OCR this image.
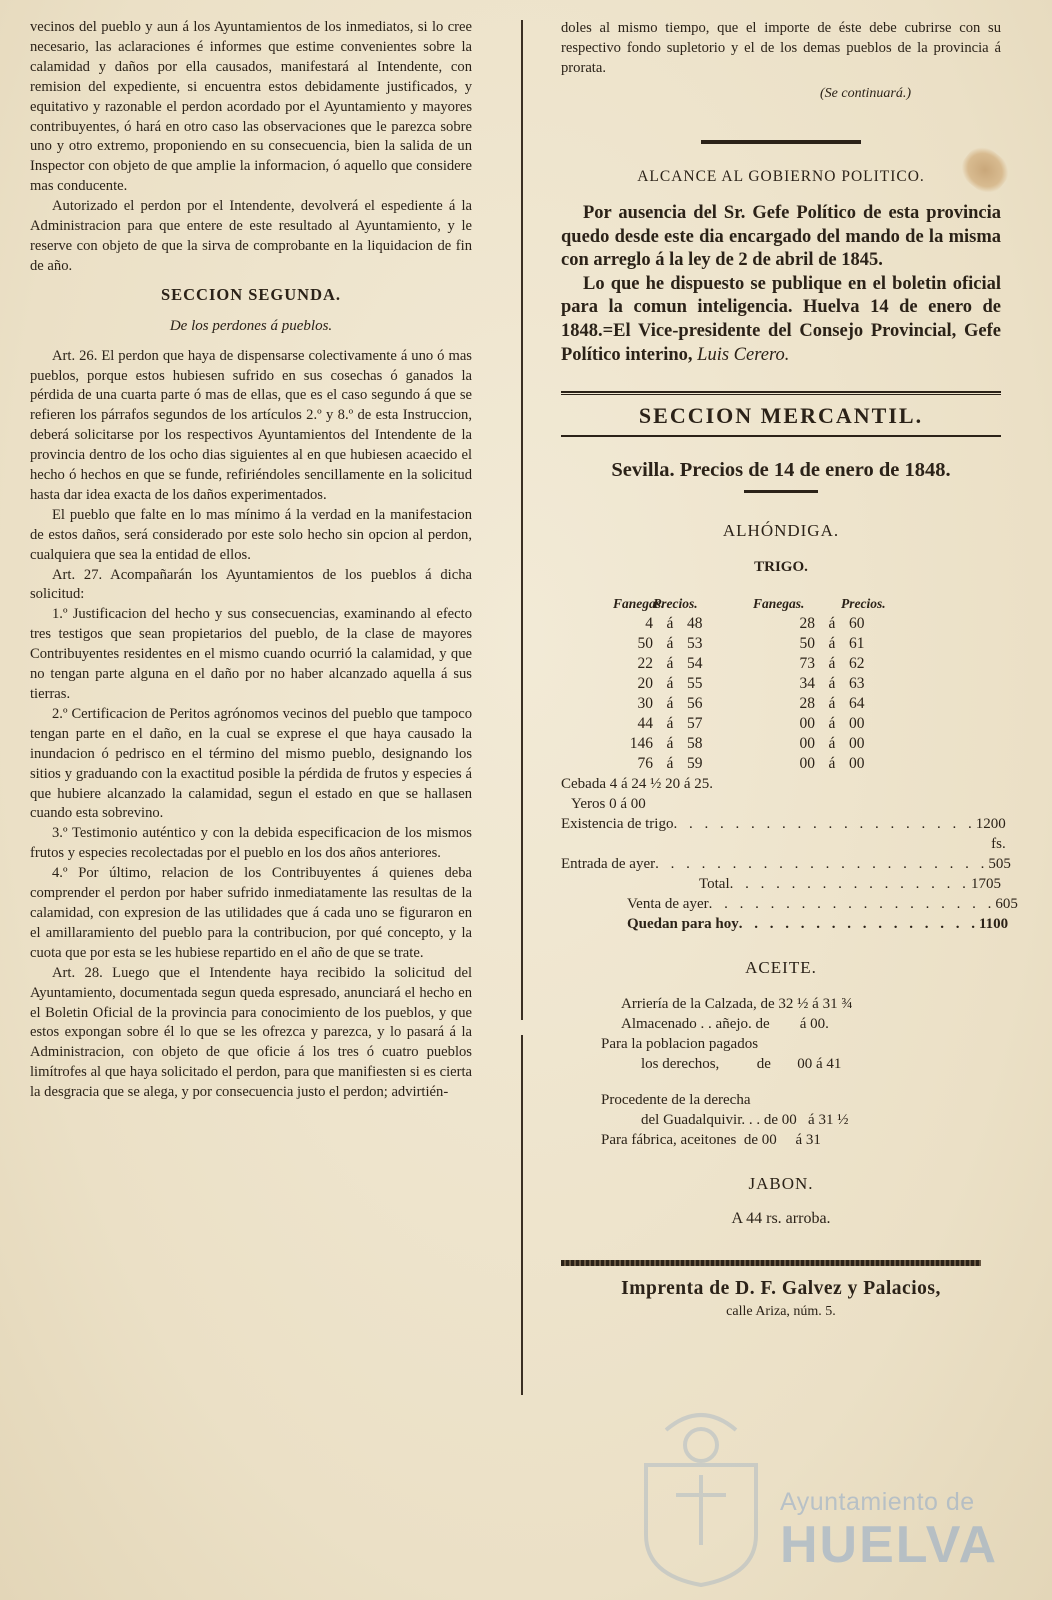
vecinos del pueblo y aun á los Ayuntamientos de los inmediatos, si lo cree necesario, las aclaraciones é informes que estime convenientes sobre la calamidad y daños por ella causados, manifestará al Intendente, con remision del expediente, si encuentra estos debidamente justificados, y equitativo y razonable el perdon acordado por el Ayuntamiento y mayores contribuyentes, ó hará en otro caso las observaciones que le parezca sobre uno y otro extremo, proponiendo en su consecuencia, bien la salida de un Inspector con objeto de que amplie la informacion, ó aquello que considere mas conducente.

Autorizado el perdon por el Intendente, devolverá el espediente á la Administracion para que entere de este resultado al Ayuntamiento, y le reserve con objeto de que la sirva de comprobante en la liquidacion de fin de año.

SECCION SEGUNDA.

De los perdones á pueblos.

Art. 26. El perdon que haya de dispensarse colectivamente á uno ó mas pueblos, porque estos hubiesen sufrido en sus cosechas ó ganados la pérdida de una cuarta parte ó mas de ellas, que es el caso segundo á que se refieren los párrafos segundos de los artículos 2.º y 8.º de esta Instruccion, deberá solicitarse por los respectivos Ayuntamientos del Intendente de la provincia dentro de los ocho dias siguientes al en que hubiesen acaecido el hecho ó hechos en que se funde, refiriéndoles sencillamente en la solicitud hasta dar idea exacta de los daños experimentados.

El pueblo que falte en lo mas mínimo á la verdad en la manifestacion de estos daños, será considerado por este solo hecho sin opcion al perdon, cualquiera que sea la entidad de ellos.

Art. 27. Acompañarán los Ayuntamientos de los pueblos á dicha solicitud:

1.º Justificacion del hecho y sus consecuencias, examinando al efecto tres testigos que sean propietarios del pueblo, de la clase de mayores Contribuyentes residentes en el mismo cuando ocurrió la calamidad, y que no tengan parte alguna en el daño por no haber alcanzado aquella á sus tierras.

2.º Certificacion de Peritos agrónomos vecinos del pueblo que tampoco tengan parte en el daño, en la cual se exprese el que haya causado la inundacion ó pedrisco en el término del mismo pueblo, designando los sitios y graduando con la exactitud posible la pérdida de frutos y especies á que hubiere alcanzado la calamidad, segun el estado en que se hallasen cuando esta sobrevino.

3.º Testimonio auténtico y con la debida especificacion de los mismos frutos y especies recolectadas por el pueblo en los dos años anteriores.

4.º Por último, relacion de los Contribuyentes á quienes deba comprender el perdon por haber sufrido inmediatamente las resultas de la calamidad, con expresion de las utilidades que á cada uno se figuraron en el amillaramiento del pueblo para la contribucion, por qué concepto, y la cuota que por esta se les hubiese repartido en el año de que se trate.

Art. 28. Luego que el Intendente haya recibido la solicitud del Ayuntamiento, documentada segun queda espresado, anunciará el hecho en el Boletin Oficial de la provincia para conocimiento de los pueblos, y que estos expongan sobre él lo que se les ofrezca y parezca, y lo pasará á la Administracion, con objeto de que oficie á los tres ó cuatro pueblos limítrofes al que haya solicitado el perdon, para que manifiesten si es cierta la desgracia que se alega, y por consecuencia justo el perdon; advirtién-

doles al mismo tiempo, que el importe de éste debe cubrirse con su respectivo fondo supletorio y el de los demas pueblos de la provincia á prorata.

(Se continuará.)

ALCANCE AL GOBIERNO POLITICO.

Por ausencia del Sr. Gefe Político de esta provincia quedo desde este dia encargado del mando de la misma con arreglo á la ley de 2 de abril de 1845.
Lo que he dispuesto se publique en el boletin oficial para la comun inteligencia. Huelva 14 de enero de 1848.=El Vice-presidente del Consejo Provincial, Gefe Político interino, Luis Cerero.

SECCION MERCANTIL.

Sevilla. Precios de 14 de enero de 1848.

ALHÓNDIGA.

TRIGO.

Fanegas.
Precios.	Fanegas.	Precios.
4 á 48	28 á 60
50 á 53	50 á 61
22 á 54	73 á 62
20 á 55	34 á 63
30 á 56	28 á 64
44 á 57	00 á 00
146 á 58	00 á 00
76 á 59	00 á 00

Cebada 4 á 24 ½ 20 á 25.

Yeros 0 á 00

Existencia de trigo . . . . . . . . . . . . . . . . . . . . 1200 fs.
Entrada de ayer . . . . . . . . . . . . . . . . . . . . . . 505
Total . . . . . . . . . . . . . . . . 1705
Venta de ayer . . . . . . . . . . . . . . . . . . . 605
Quedan para hoy . . . . . . . . . . . . . . . . 1100

ACEITE.

Arriería de la Calzada, de 32 ½ á 31 ¾

Almacenado . . añejo. de        á 00.

Para la poblacion pagados

los derechos,          de       00 á 41

Procedente de la derecha

del Guadalquivir. . . de 00   á 31 ½

Para fábrica, aceitones  de 00     á 31

JABON.

A 44 rs. arroba.

Imprenta de D. F. Galvez y Palacios,

calle Ariza, núm. 5.

Ayuntamiento de
HUELVA
